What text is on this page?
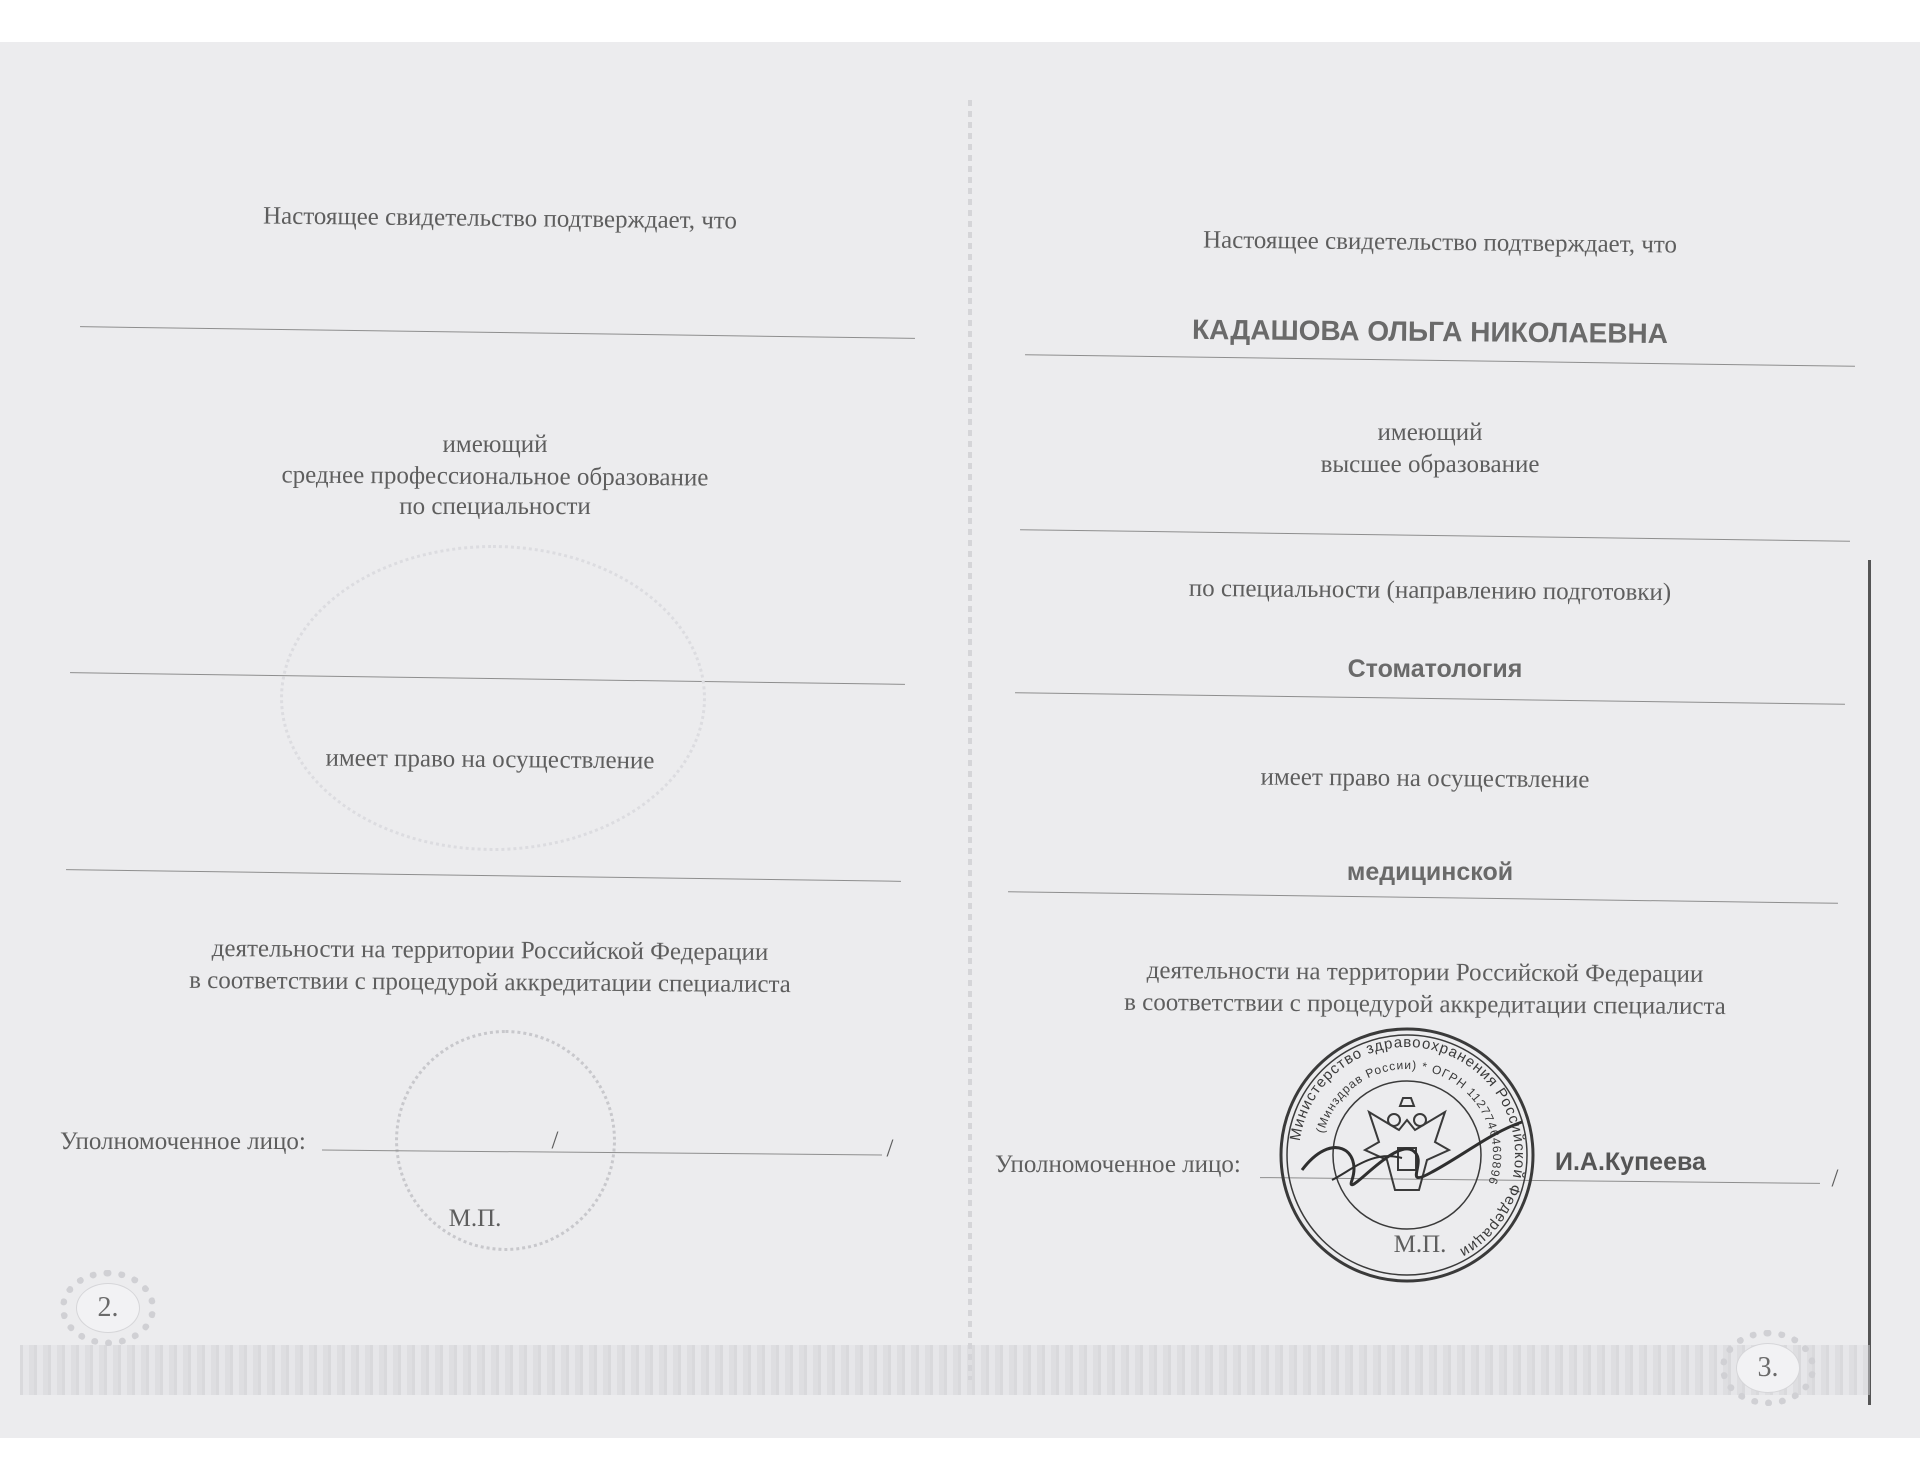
Настоящее свидетельство подтверждает, что
имеющий
среднее профессиональное образование
по специальности
имеет право на осуществление
деятельности на территории Российской Федерации
в соответствии с процедурой аккредитации специалиста
Уполномоченное лицо:	/	/
М.П.
2.
Настоящее свидетельство подтверждает, что
КАДАШОВА ОЛЬГА НИКОЛАЕВНА
имеющий
высшее образование
по специальности (направлению подготовки)
Стоматология
имеет право на осуществление
медицинской
деятельности на территории Российской Федерации
в соответствии с процедурой аккредитации специалиста
Уполномоченное лицо:
Министерство здравоохранения Российской Федерации
(Минздрав России) * ОГРН 1127746460896
И.А.Купеева
/
М.П.
3.
